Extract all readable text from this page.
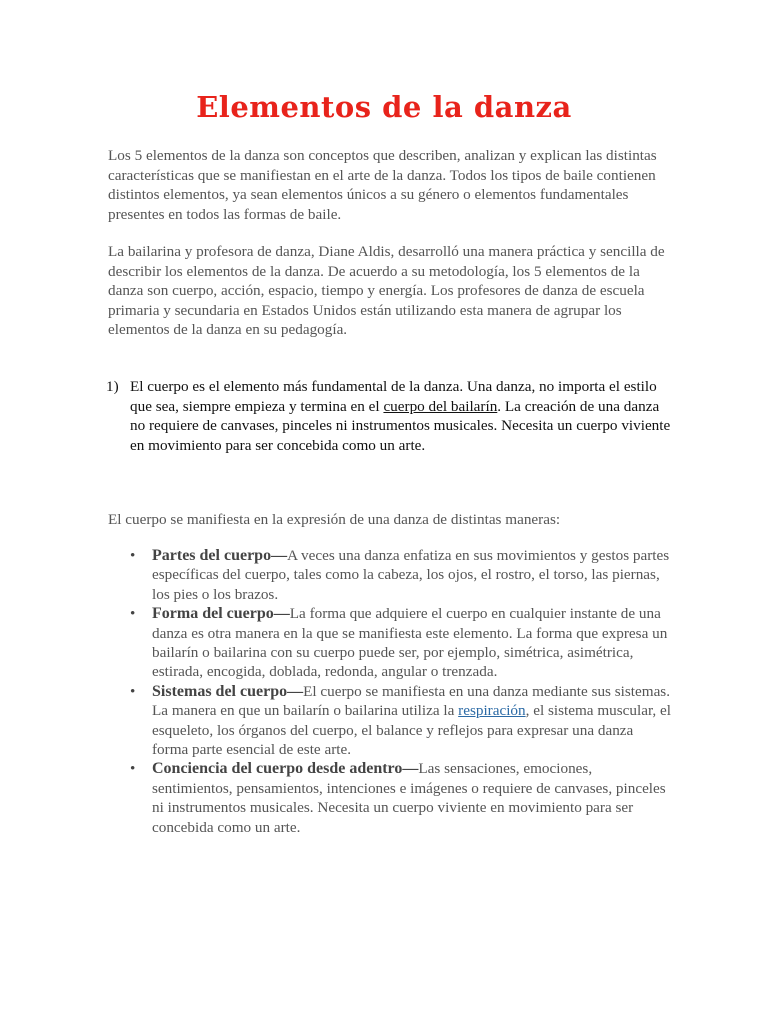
Elementos de la danza

Los 5 elementos de la danza son conceptos que describen, analizan y explican las distintas características que se manifiestan en el arte de la danza. Todos los tipos de baile contienen distintos elementos, ya sean elementos únicos a su género o elementos fundamentales presentes en todos las formas de baile.

La bailarina y profesora de danza, Diane Aldis, desarrolló una manera práctica y sencilla de describir los elementos de la danza. De acuerdo a su metodología, los 5 elementos de la danza son cuerpo, acción, espacio, tiempo y energía. Los profesores de danza de escuela primaria y secundaria en Estados Unidos están utilizando esta manera de agrupar los elementos de la danza en su pedagogía.

1) El cuerpo es el elemento más fundamental de la danza. Una danza, no importa el estilo que sea, siempre empieza y termina en el cuerpo del bailarín. La creación de una danza no requiere de canvases, pinceles ni instrumentos musicales. Necesita un cuerpo viviente en movimiento para ser concebida como un arte.

El cuerpo se manifiesta en la expresión de una danza de distintas maneras:

• Partes del cuerpo—A veces una danza enfatiza en sus movimientos y gestos partes específicas del cuerpo, tales como la cabeza, los ojos, el rostro, el torso, las piernas, los pies o los brazos.
• Forma del cuerpo—La forma que adquiere el cuerpo en cualquier instante de una danza es otra manera en la que se manifiesta este elemento. La forma que expresa un bailarín o bailarina con su cuerpo puede ser, por ejemplo, simétrica, asimétrica, estirada, encogida, doblada, redonda, angular o trenzada.
• Sistemas del cuerpo—El cuerpo se manifiesta en una danza mediante sus sistemas. La manera en que un bailarín o bailarina utiliza la respiración, el sistema muscular, el esqueleto, los órganos del cuerpo, el balance y reflejos para expresar una danza forma parte esencial de este arte.
• Conciencia del cuerpo desde adentro—Las sensaciones, emociones, sentimientos, pensamientos, intenciones e imágenes o requiere de canvases, pinceles ni instrumentos musicales. Necesita un cuerpo viviente en movimiento para ser concebida como un arte.
